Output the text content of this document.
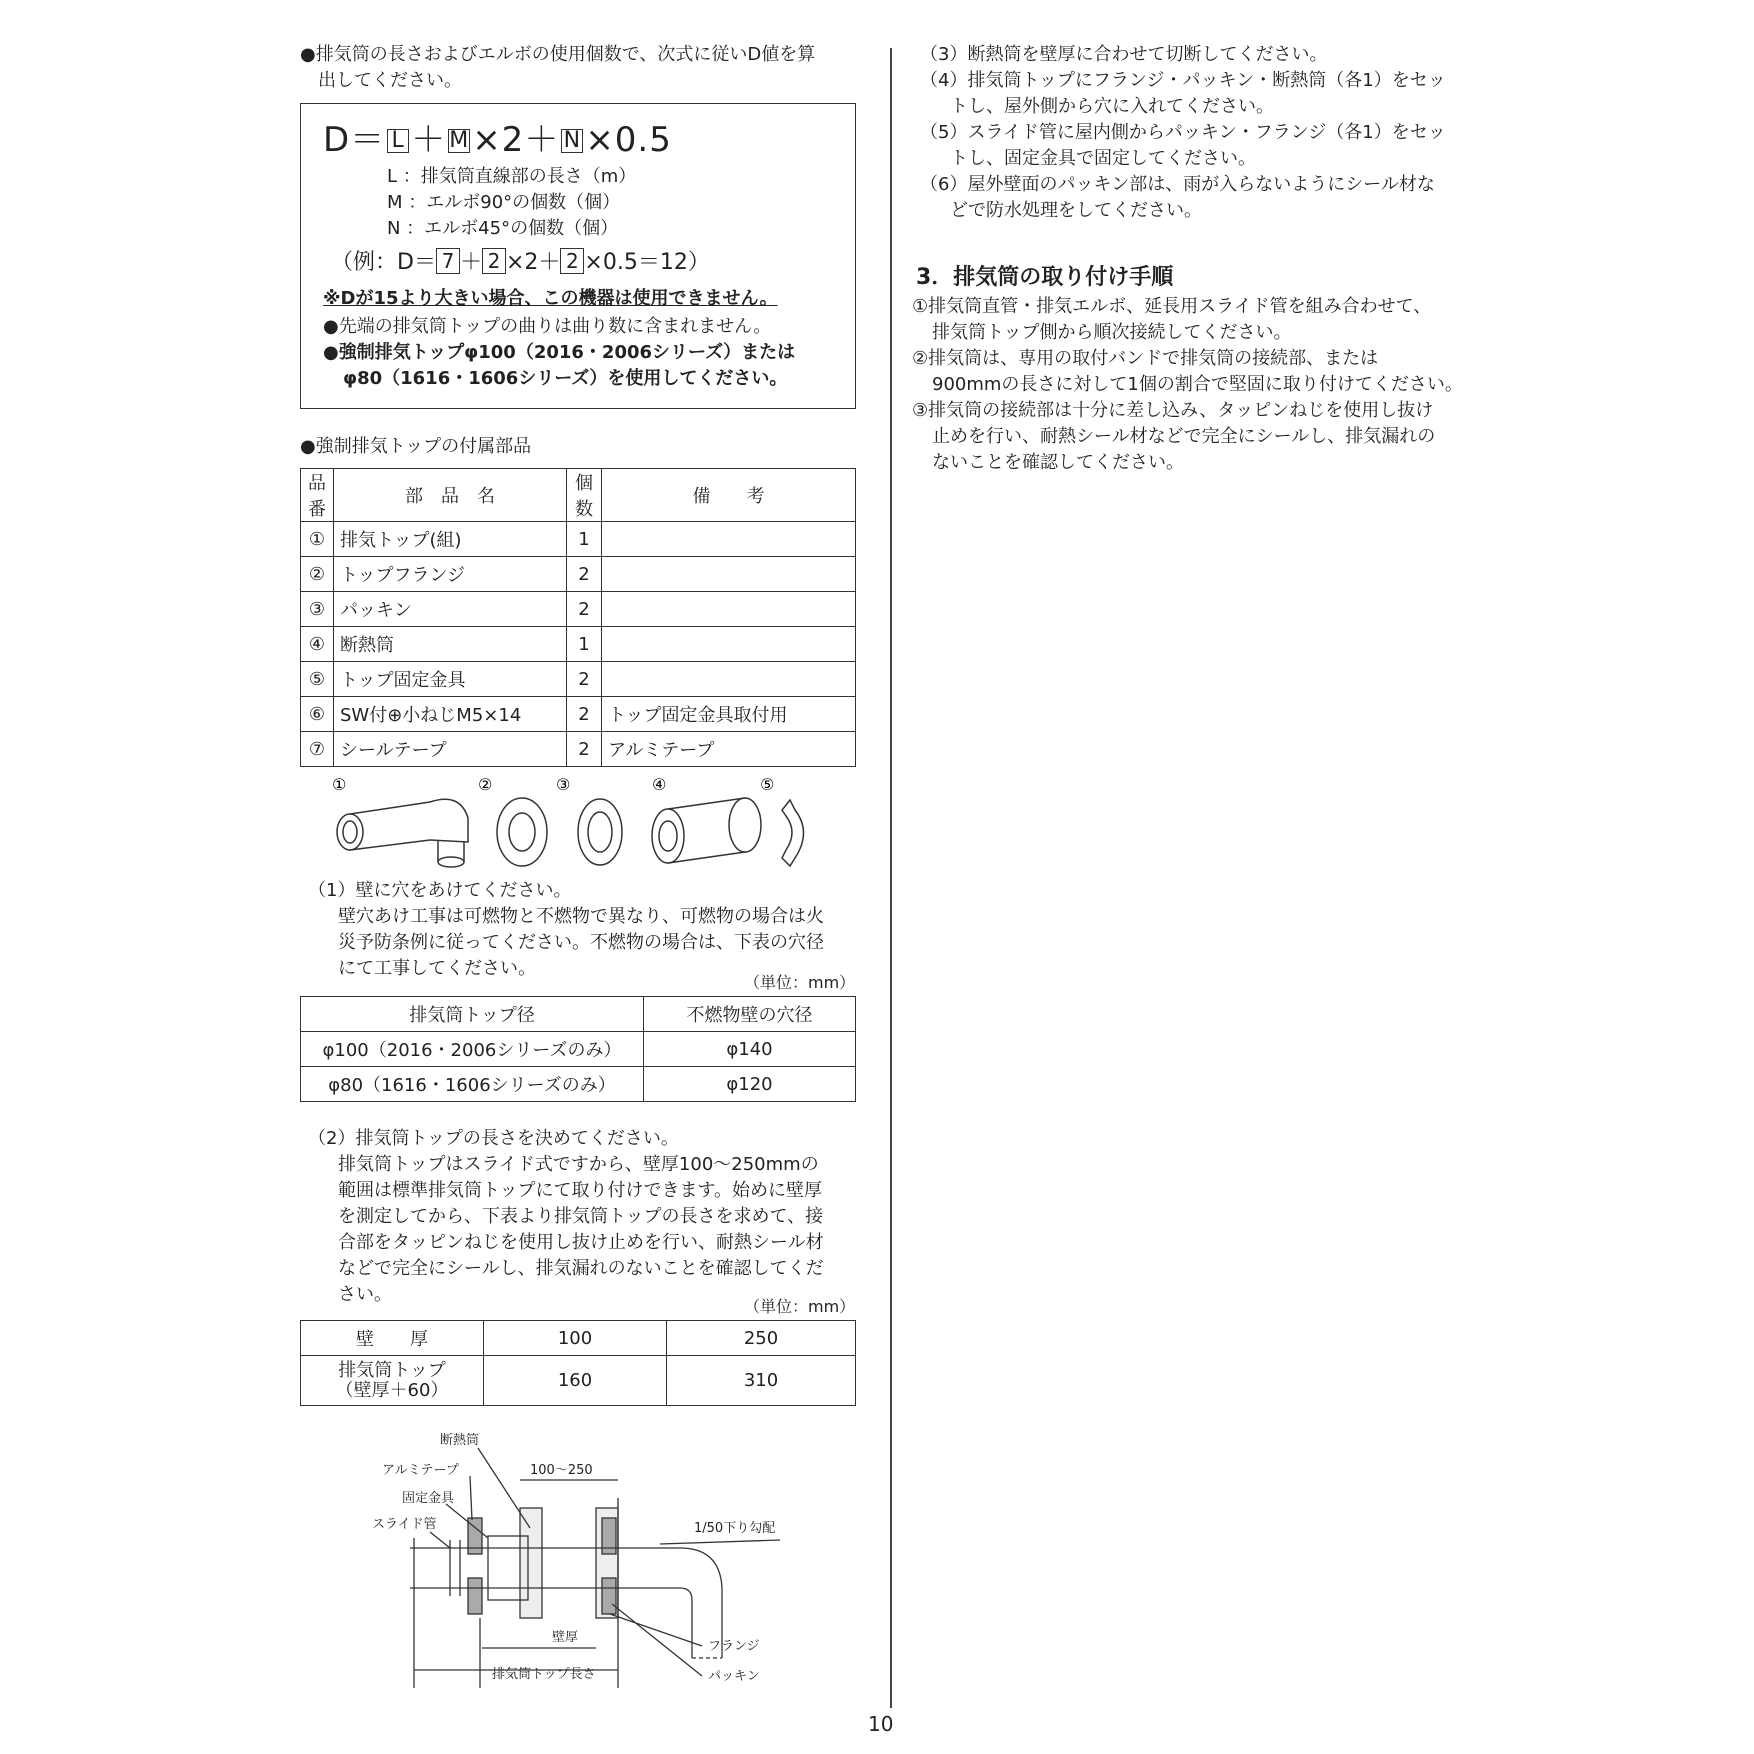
●排気筒の長さおよびエルボの使用個数で、次式に従いD値を算
出してください。
D＝ L ＋ M×2＋ N ×0.5
L ：排気筒直線部の長さ（m）
M ：エルボ90°の個数（個）
N ：エルボ45°の個数（個）
（例：D＝ 7 ＋ 2 ×2＋ 2 ×0.5＝12）
※Dが15より大きい場合、この機器は使用できません。
●先端の排気筒トップの曲りは曲り数に含まれません。
●強制排気トップφ100（2016・2006シリーズ）または
φ80（1616・1606シリーズ）を使用してください。
●強制排気トップの付属部品
品番	部　品　名	個数	備　　考
①	排気トップ(組)	1	
②	トップフランジ	2	
③	パッキン	2	
④	断熱筒	1	
⑤	トップ固定金具	2	
⑥	SW付⊕小ねじM5×14	2	トップ固定金具取付用
⑦	シールテープ	2	アルミテープ
①	②	③	④	⑤
（1）壁に穴をあけてください。
壁穴あけ工事は可燃物と不燃物で異なり、可燃物の場合は火
災予防条例に従ってください。不燃物の場合は、下表の穴径
にて工事してください。
（単位：mm）
排気筒トップ径	不燃物壁の穴径
φ100（2016・2006シリーズのみ）	φ140
φ80（1616・1606シリーズのみ）	φ120
（2）排気筒トップの長さを決めてください。
排気筒トップはスライド式ですから、壁厚100～250mmの
範囲は標準排気筒トップにて取り付けできます。始めに壁厚
を測定してから、下表より排気筒トップの長さを求めて、接
合部をタッピンねじを使用し抜け止めを行い、耐熱シール材
などで完全にシールし、排気漏れのないことを確認してくだ
さい。
（単位：mm）
壁　　厚	100	250
排気筒トップ
（壁厚＋60）	160	310
断熱筒
アルミテープ
固定金具
スライド管
100～250
1/50下り勾配
壁厚
排気筒トップ長さ
フランジ
パッキン
（3）断熱筒を壁厚に合わせて切断してください。
（4）排気筒トップにフランジ・パッキン・断熱筒（各1）をセッ
トし、屋外側から穴に入れてください。
（5）スライド管に屋内側からパッキン・フランジ（各1）をセッ
トし、固定金具で固定してください。
（6）屋外壁面のパッキン部は、雨が入らないようにシール材な
どで防水処理をしてください。
3．排気筒の取り付け手順
①排気筒直管・排気エルボ、延長用スライド管を組み合わせて、
排気筒トップ側から順次接続してください。
②排気筒は、専用の取付バンドで排気筒の接続部、または
900mmの長さに対して1個の割合で堅固に取り付けてください。
③排気筒の接続部は十分に差し込み、タッピンねじを使用し抜け
止めを行い、耐熱シール材などで完全にシールし、排気漏れの
ないことを確認してください。
10
